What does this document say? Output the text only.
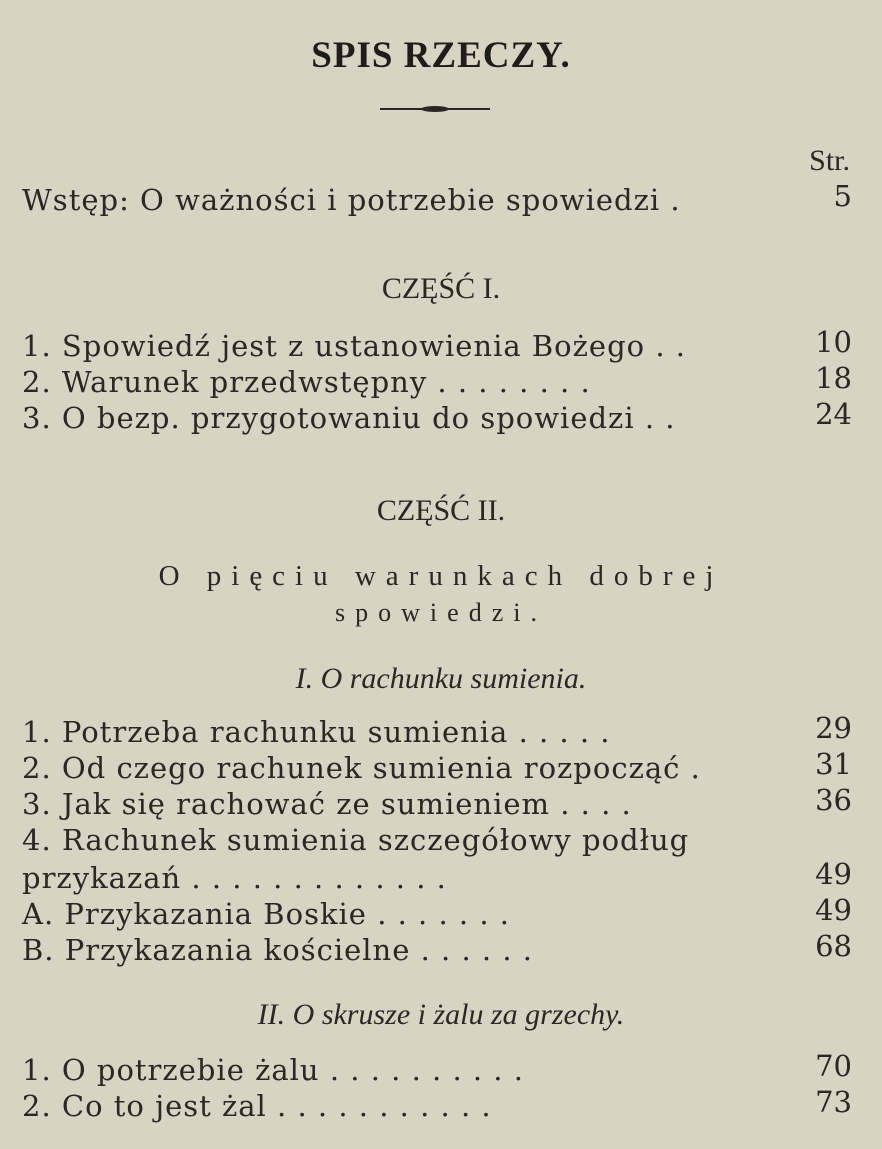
SPIS RZECZY.
Str.
Wstęp: O ważności i potrzebie spowiedzi .	5
CZĘŚĆ I.
1. Spowiedź jest z ustanowienia Bożego . .	10
2. Warunek przedwstępny . . . . . . . .	18
3. O bezp. przygotowaniu do spowiedzi . .	24
CZĘŚĆ II.
O pięciu warunkach dobrej
spowiedzi.
I. O rachunku sumienia.
1. Potrzeba rachunku sumienia . . . . .	29
2. Od czego rachunek sumienia rozpocząć .	31
3. Jak się rachować ze sumieniem . . . .	36
4. Rachunek sumienia szczegółowy podług
przykazań . . . . . . . . . . . . .	49
A. Przykazania Boskie . . . . . . .	49
B. Przykazania kościelne . . . . . .	68
II. O skrusze i żalu za grzechy.
1. O potrzebie żalu . . . . . . . . . .	70
2. Co to jest żal . . . . . . . . . . .	73
